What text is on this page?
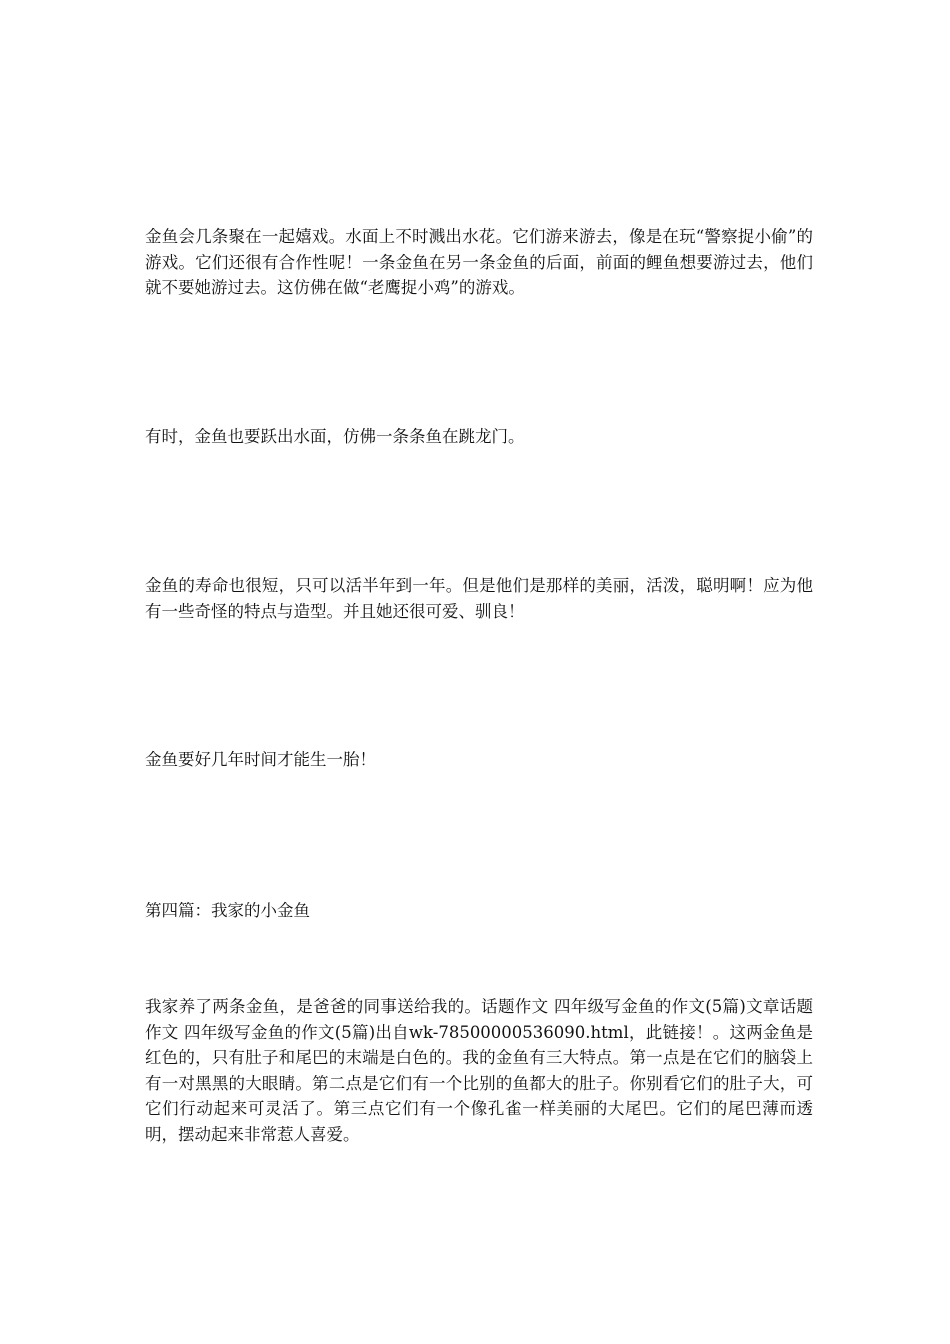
金鱼会几条聚在一起嬉戏。水面上不时溅出水花。它们游来游去，像是在玩“警察捉小偷”的游戏。它们还很有合作性呢！一条金鱼在另一条金鱼的后面，前面的鲤鱼想要游过去，他们就不要她游过去。这仿佛在做“老鹰捉小鸡”的游戏。

有时，金鱼也要跃出水面，仿佛一条条鱼在跳龙门。

金鱼的寿命也很短，只可以活半年到一年。但是他们是那样的美丽，活泼，聪明啊！应为他有一些奇怪的特点与造型。并且她还很可爱、驯良！

金鱼要好几年时间才能生一胎！

第四篇：我家的小金鱼

我家养了两条金鱼，是爸爸的同事送给我的。话题作文 四年级写金鱼的作文(5篇)文章话题作文 四年级写金鱼的作文(5篇)出自wk-78500000536090.html，此链接！。这两金鱼是红色的，只有肚子和尾巴的末端是白色的。我的金鱼有三大特点。第一点是在它们的脑袋上有一对黑黑的大眼睛。第二点是它们有一个比别的鱼都大的肚子。你别看它们的肚子大，可它们行动起来可灵活了。第三点它们有一个像孔雀一样美丽的大尾巴。它们的尾巴薄而透明，摆动起来非常惹人喜爱。
